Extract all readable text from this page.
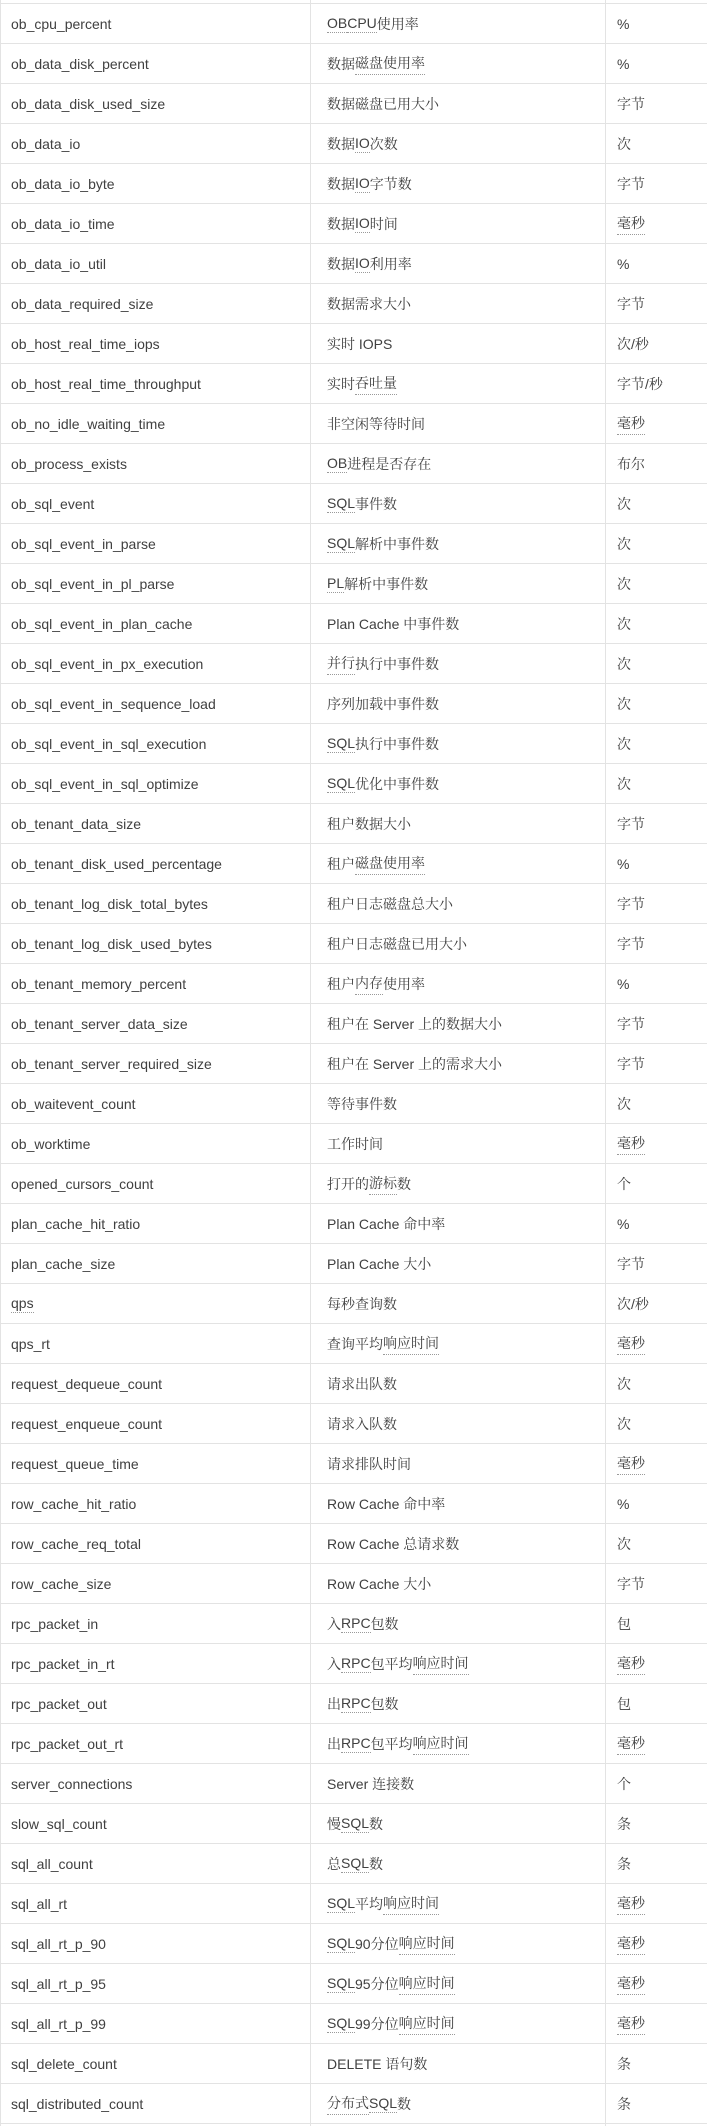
ob_cpu_percent	OB CPU 使用率	%
ob_data_disk_percent	数据 磁盘使用率	%
ob_data_disk_used_size	数据磁盘已用大小	字节
ob_data_io	数据 IO 次数	次
ob_data_io_byte	数据 IO 字节数	字节
ob_data_io_time	数据 IO 时间	毫秒
ob_data_io_util	数据 IO 利用率	%
ob_data_required_size	数据需求大小	字节
ob_host_real_time_iops	实时 IOPS	次/秒
ob_host_real_time_throughput	实时 吞吐量	字节/秒
ob_no_idle_waiting_time	非空闲等待时间	毫秒
ob_process_exists	OB 进程是否存在	布尔
ob_sql_event	SQL 事件数	次
ob_sql_event_in_parse	SQL 解析中事件数	次
ob_sql_event_in_pl_parse	PL 解析中事件数	次
ob_sql_event_in_plan_cache	Plan Cache 中事件数	次
ob_sql_event_in_px_execution	并行 执行中事件数	次
ob_sql_event_in_sequence_load	序列加载中事件数	次
ob_sql_event_in_sql_execution	SQL 执行中事件数	次
ob_sql_event_in_sql_optimize	SQL 优化中事件数	次
ob_tenant_data_size	租户数据大小	字节
ob_tenant_disk_used_percentage	租户 磁盘使用率	%
ob_tenant_log_disk_total_bytes	租户日志磁盘总大小	字节
ob_tenant_log_disk_used_bytes	租户日志磁盘已用大小	字节
ob_tenant_memory_percent	租户 内存 使用率	%
ob_tenant_server_data_size	租户在 Server 上的数据大小	字节
ob_tenant_server_required_size	租户在 Server 上的需求大小	字节
ob_waitevent_count	等待事件数	次
ob_worktime	工作时间	毫秒
opened_cursors_count	打开的 游标 数	个
plan_cache_hit_ratio	Plan Cache 命中率	%
plan_cache_size	Plan Cache 大小	字节
qps	每秒查询数	次/秒
qps_rt	查询平均 响应时间	毫秒
request_dequeue_count	请求出队数	次
request_enqueue_count	请求入队数	次
request_queue_time	请求排队时间	毫秒
row_cache_hit_ratio	Row Cache 命中率	%
row_cache_req_total	Row Cache 总请求数	次
row_cache_size	Row Cache 大小	字节
rpc_packet_in	入 RPC 包数	包
rpc_packet_in_rt	入 RPC 包平均 响应时间	毫秒
rpc_packet_out	出 RPC 包数	包
rpc_packet_out_rt	出 RPC 包平均 响应时间	毫秒
server_connections	Server 连接数	个
slow_sql_count	慢 SQL 数	条
sql_all_count	总 SQL 数	条
sql_all_rt	SQL 平均 响应时间	毫秒
sql_all_rt_p_90	SQL 90分位 响应时间	毫秒
sql_all_rt_p_95	SQL 95分位 响应时间	毫秒
sql_all_rt_p_99	SQL 99分位 响应时间	毫秒
sql_delete_count	DELETE 语句数	条
sql_distributed_count	分布式 SQL 数	条
